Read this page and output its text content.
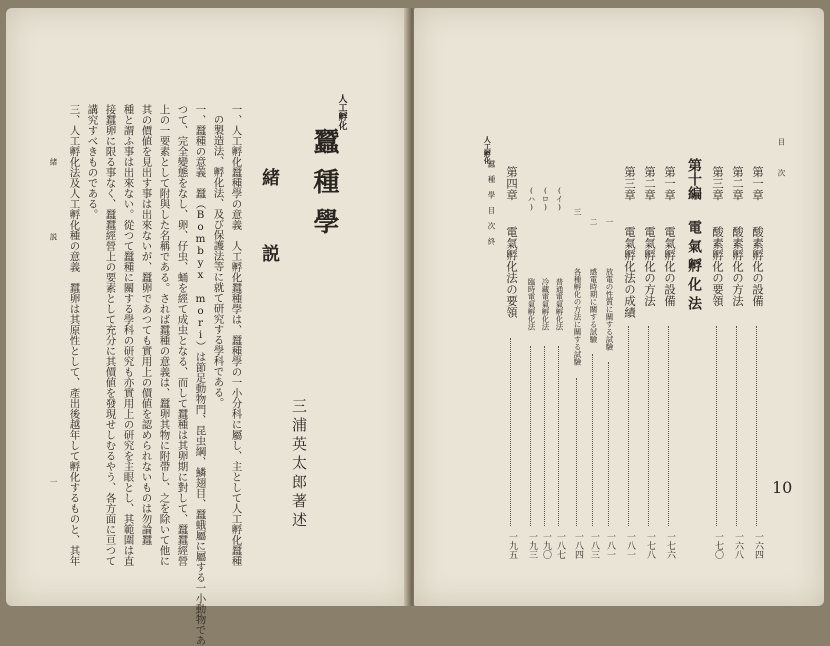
人工孵化
蠶種學
三浦英太郎著述
緒　説
一、人工孵化蠶種學の意義　人工孵化蠶種學は、蠶種學の一小分科に屬し、主として人工孵化蠶種
の製造法、孵化法、及び保護法等に就て研究する學科である。
一、蠶種の意義　蠶（Bombyx mori）は節足動物門、昆虫綱、鱗翅目、蠶蛾屬に屬する一小動物であ
つて、完全變態をなし、卵、仔虫、蛹を經て成虫となる、而して蠶種は其卵期に對して、蠶蠶經營
上の一要素として附與した名稱である。されば蠶種の意義は、蠶卵其物に附帶し、之を除いて他に
其の價値を見出す事は出來ないが、蠶卵であつても實用上の價値を認められないものは勿論蠶
種と謂ふ事は出來ない。從つて蠶種に關する學科の研究も亦實用上の研究を主眼とし、其範圍は直
接蠶卵に限る事なく、蠶蠶經營上の要素として充分に其價値を發現せしむるやう、各方面に亘つて
講究すべきものである。
三、人工孵化法及人工孵化種の意義　蠶卵は其原性として、產出後越年して孵化するものと、其年
緒　説
一
目　次
10
第一章
酸素孵化の設備
一六四
第二章
酸素孵化の方法
一六八
第三章
酸素孵化の要領
一七〇
第十編
電氣孵化法
第一章
電氣孵化の設備
一七六
第二章
電氣孵化の方法
一七八
第三章
電氣孵化法の成績
一八一
一
放電の性質に關する試驗
一八一
二
感電時期に關する試驗
一八三
三
各種孵化の方法に關する試驗
一八四
(イ)
普通電氣孵化法
一八七
(ロ)
冷藏電氣孵化法
一九〇
(ハ)
臨時電氣孵化法
一九三
第四章
電氣孵化法の要領
一九五
人工孵化
蠶種學目次終
